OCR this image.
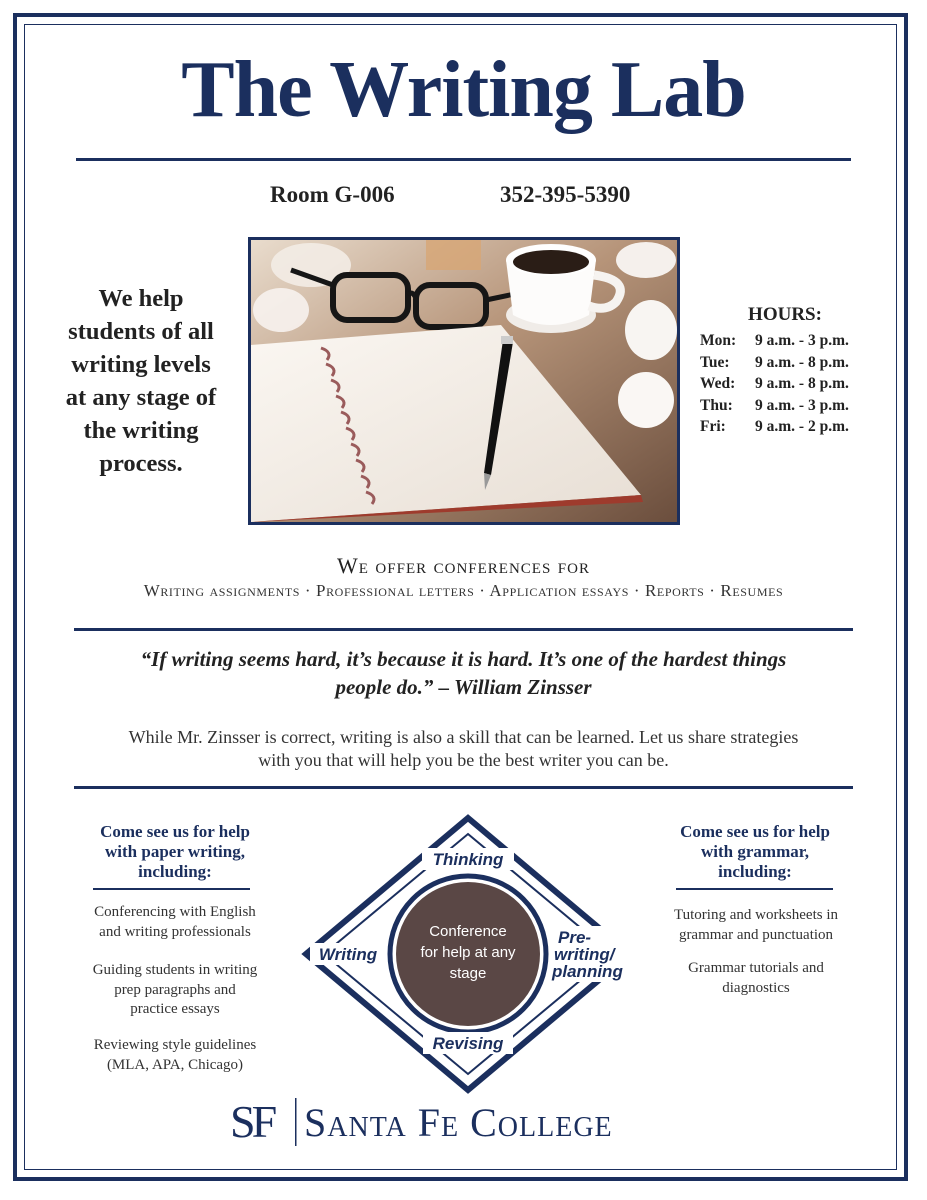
The Writing Lab
Room G-006	352-395-5390
We help
students of all
writing levels
at any stage of
the writing
process.
HOURS:
Mon:	9 a.m. - 3 p.m.
Tue:	9 a.m. - 8 p.m.
Wed:	9 a.m. - 8 p.m.
Thu:	9 a.m. - 3 p.m.
Fri:	9 a.m. - 2 p.m.
We offer conferences for
Writing assignments · Professional letters · Application essays · Reports · Resumes
“If writing seems hard, it’s because it is hard. It’s one of the hardest things
people do.” – William Zinsser
While Mr. Zinsser is correct, writing is also a skill that can be learned. Let us share strategies
with you that will help you be the best writer you can be.
Come see us for help
with paper writing,
including:
Conferencing with English
and writing professionals
Guiding students in writing
prep paragraphs and
practice essays
Reviewing style guidelines
(MLA, APA, Chicago)
Come see us for help
with grammar,
including:
Tutoring and worksheets in
grammar and punctuation
Grammar tutorials and
diagnostics
Thinking
Writing
Revising
Pre-
writing/
planning
Conference
for help at any
stage
SF Santa Fe College
